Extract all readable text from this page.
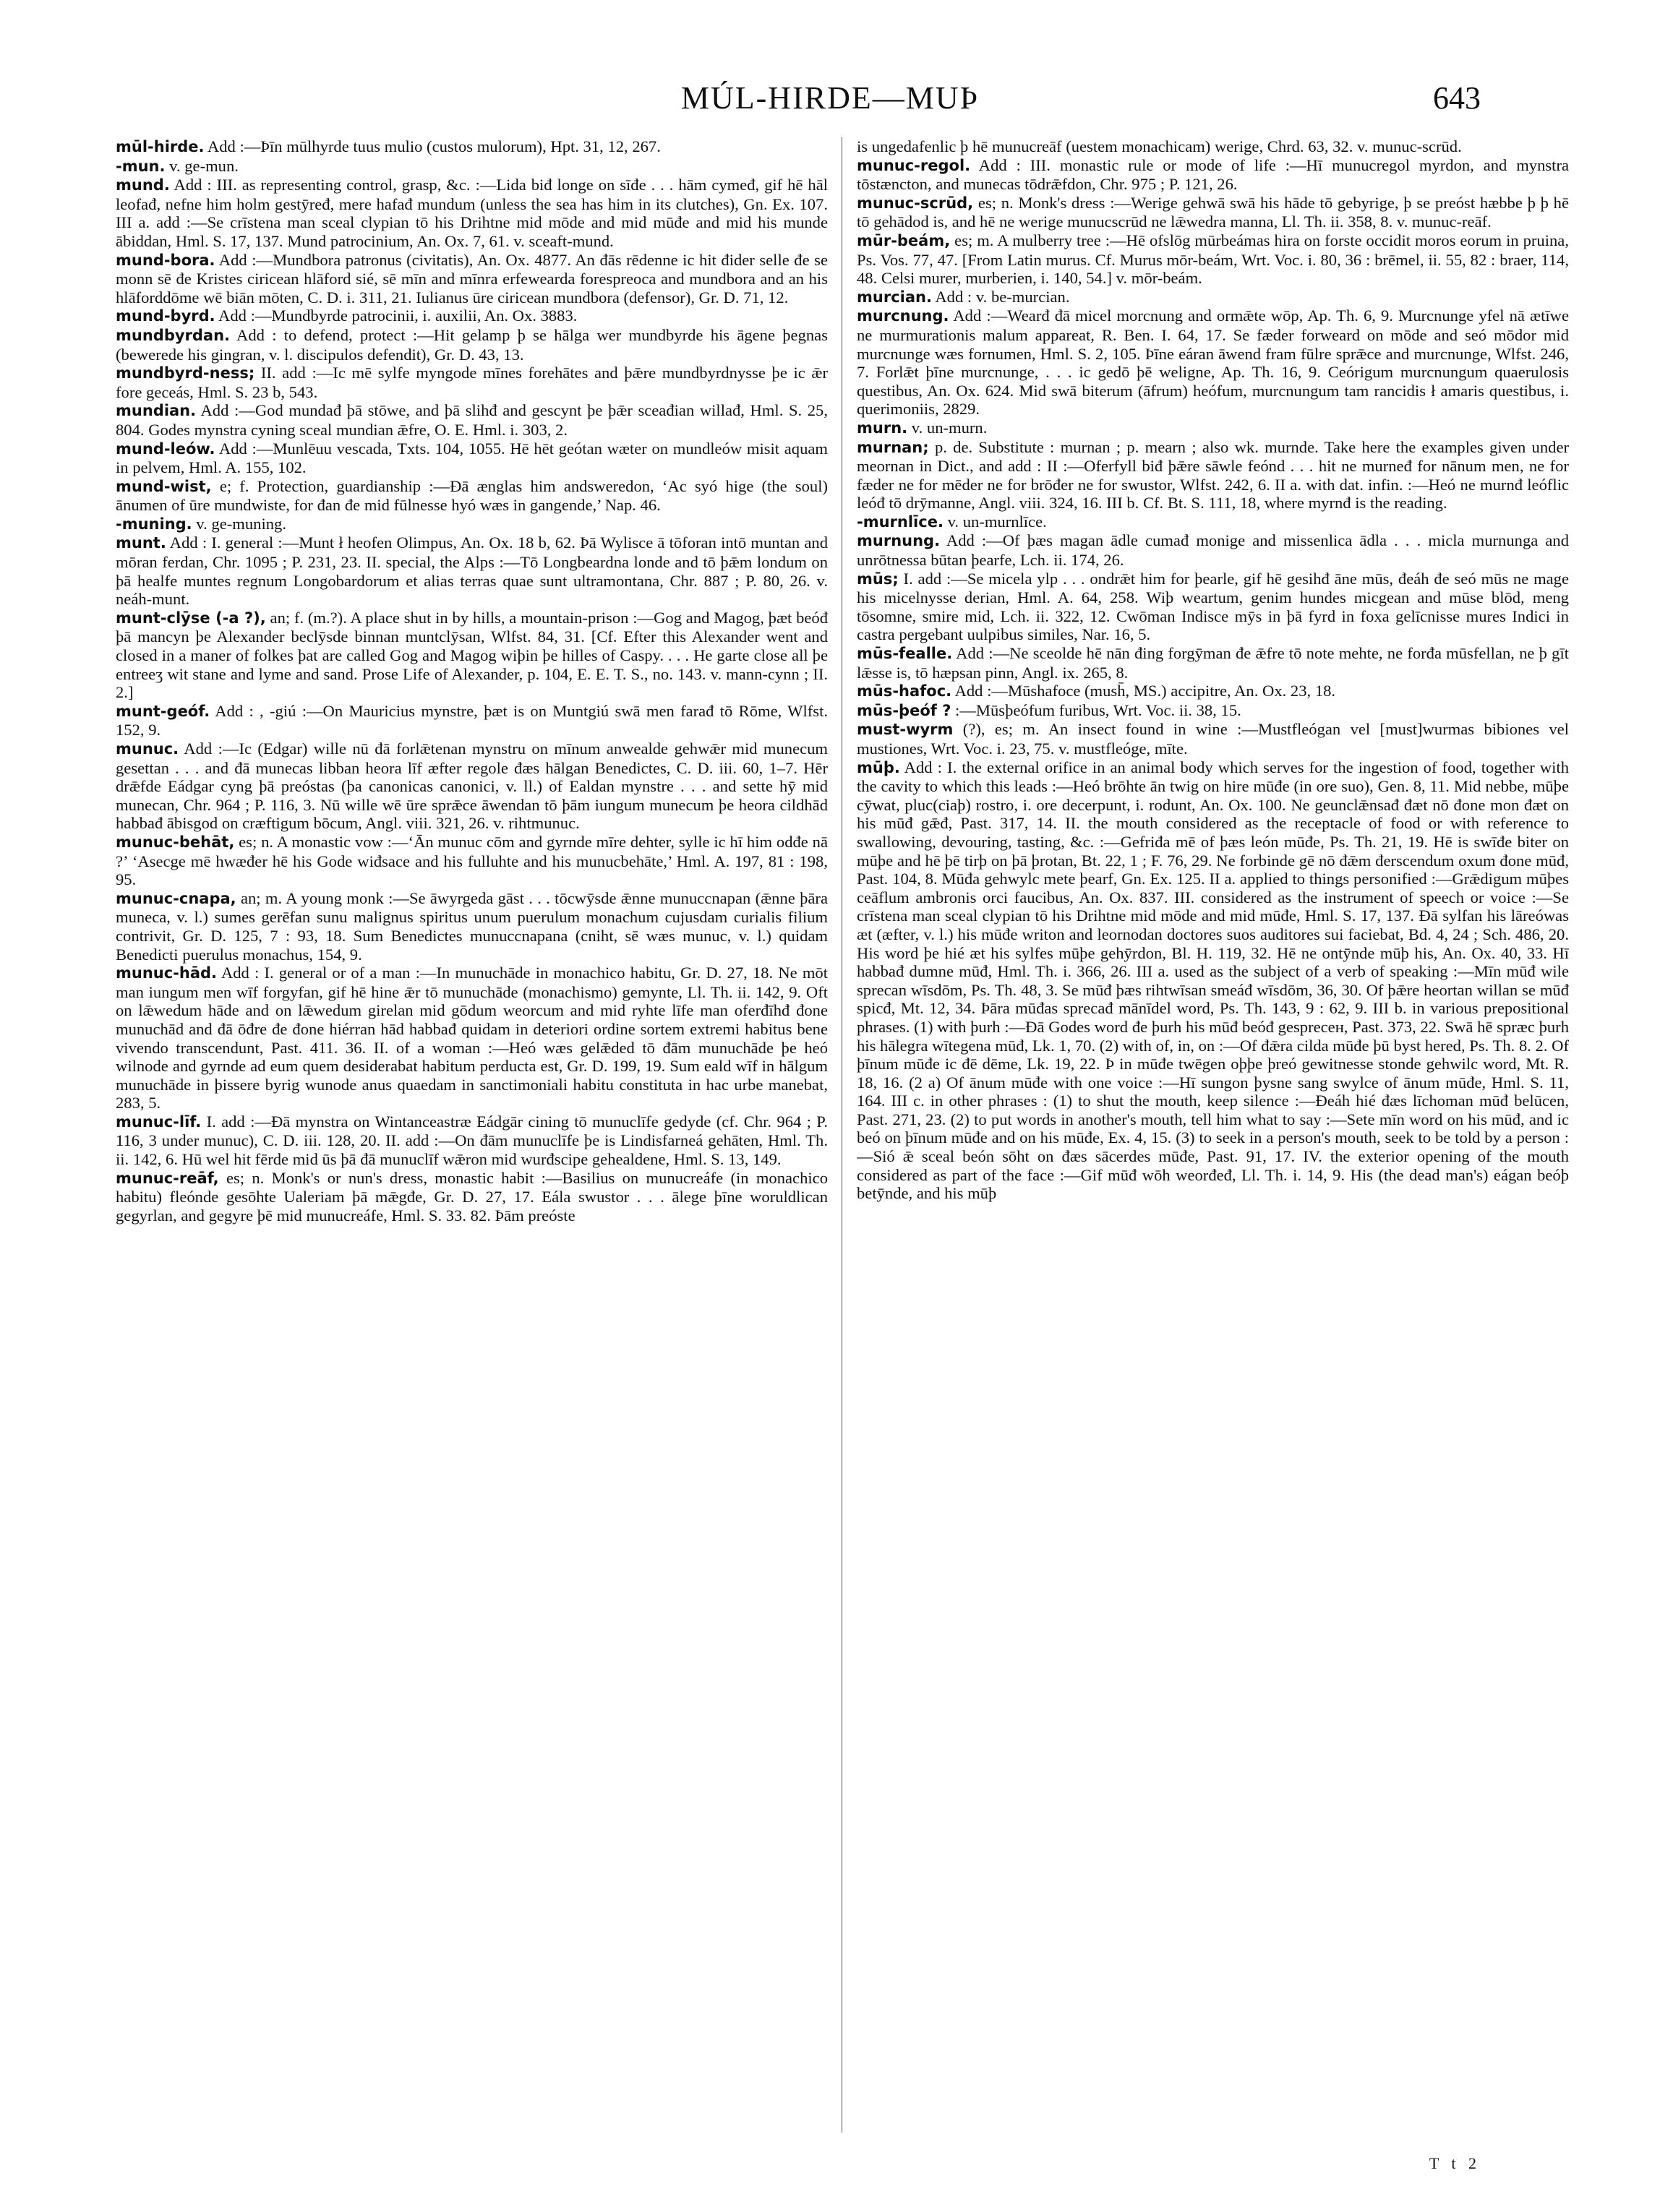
MÚL-HIRDE—MUÞ	643

mūl-hirde. Add :—Þīn mūlhyrde tuus mulio (custos mulorum), Hpt. 31, 12, 267.

-mun. v. ge-mun.

mund. Add : III. as representing control, grasp, &c. :—Lida biđ longe on sīđe . . . hām cymeđ, gif hē hāl leofađ, nefne him holm gestȳređ, mere hafađ mundum (unless the sea has him in its clutches), Gn. Ex. 107. III a. add :—Se crīstena man sceal clypian tō his Drihtne mid mōde and mid mūđe and mid his munde ābiddan, Hml. S. 17, 137. Mund patrocinium, An. Ox. 7, 61. v. sceaft-mund.

mund-bora. Add :—Mundbora patronus (civitatis), An. Ox. 4877. An đās rēdenne ic hit đider selle đe se monn sē đe Kristes ciricean hlāford sié, sē mīn and mīnra erfewearda forespreoca and mundbora and an his hlāforddōme wē biān mōten, C. D. i. 311, 21. Iulianus ūre ciricean mundbora (defensor), Gr. D. 71, 12.

mund-byrd. Add :—Mundbyrde patrocinii, i. auxilii, An. Ox. 3883.

mundbyrdan. Add : to defend, protect :—Hit gelamp þ se hālga wer mundbyrde his āgene þegnas (bewerede his gingran, v. l. discipulos defendit), Gr. D. 43, 13.

mundbyrd-ness; II. add :—Ic mē sylfe myngode mīnes forehātes and þǣre mundbyrdnysse þe ic ǣr fore geceás, Hml. S. 23 b, 543.

mundian. Add :—God mundađ þā stōwe, and þā slihđ and gescynt þe þǣr sceađian willađ, Hml. S. 25, 804. Godes mynstra cyning sceal mundian ǣfre, O. E. Hml. i. 303, 2.

mund-leów. Add :—Munlēuu vescada, Txts. 104, 1055. Hē hēt geótan wæter on mundleów misit aquam in pelvem, Hml. A. 155, 102.

mund-wist, e; f. Protection, guardianship :—Đā ænglas him andsweredon, ‘Ac syó hige (the soul) ānumen of ūre mundwiste, for đan đe mid fūlnesse hyó wæs in gangende,’ Nap. 46.

-muning. v. ge-muning.

munt. Add : I. general :—Munt ł heofen Olimpus, An. Ox. 18 b, 62. Þā Wylisce ā tōforan intō muntan and mōran ferdan, Chr. 1095 ; P. 231, 23. II. special, the Alps :—Tō Longbeardna londe and tō þǣm londum on þā healfe muntes regnum Longobardorum et alias terras quae sunt ultramontana, Chr. 887 ; P. 80, 26. v. neáh-munt.

munt-clȳse (-a ?), an; f. (m.?). A place shut in by hills, a mountain-prison :—Gog and Magog, þæt beóđ þā mancyn þe Alexander beclȳsde binnan muntclȳsan, Wlfst. 84, 31. [Cf. Efter this Alexander went and closed in a maner of folkes þat are called Gog and Magog wiþin þe hilles of Caspy. . . . He garte close all þe entreeʒ wit stane and lyme and sand. Prose Life of Alexander, p. 104, E. E. T. S., no. 143. v. mann-cynn ; II. 2.]

munt-geóf. Add : , -giú :—On Mauricius mynstre, þæt is on Muntgiú swā men farađ tō Rōme, Wlfst. 152, 9.

munuc. Add :—Ic (Edgar) wille nū đā forlǣtenan mynstru on mīnum anwealde gehwǣr mid munecum gesettan . . . and đā munecas libban heora līf æfter regole đæs hālgan Benedictes, C. D. iii. 60, 1–7. Hēr drǣfde Eádgar cyng þā preóstas (þa canonicas canonici, v. ll.) of Ealdan mynstre . . . and sette hȳ mid munecan, Chr. 964 ; P. 116, 3. Nū wille wē ūre sprǣce āwendan tō þām iungum munecum þe heora cildhād habbađ ābisgod on cræftigum bōcum, Angl. viii. 321, 26. v. rihtmunuc.

munuc-behāt, es; n. A monastic vow :—‘Ān munuc cōm and gyrnde mīre dehter, sylle ic hī him odđe nā ?’ ‘Asecge mē hwæđer hē his Gode wiđsace and his fulluhte and his munucbehāte,’ Hml. A. 197, 81 : 198, 95.

munuc-cnapa, an; m. A young monk :—Se āwyrgeda gāst . . . tōcwȳsde ǣnne munuccnapan (ǣnne þāra muneca, v. l.) sumes gerēfan sunu malignus spiritus unum puerulum monachum cujusdam curialis filium contrivit, Gr. D. 125, 7 : 93, 18. Sum Benedictes munuccnapana (cniht, sē wæs munuc, v. l.) quidam Benedicti puerulus monachus, 154, 9.

munuc-hād. Add : I. general or of a man :—In munuchāde in monachico habitu, Gr. D. 27, 18. Ne mōt man iungum men wīf forgyfan, gif hē hine ǣr tō munuchāde (monachismo) gemynte, Ll. Th. ii. 142, 9. Oft on lǣwedum hāde and on lǣwedum girelan mid gōdum weorcum and mid ryhte līfe man oferđīhđ đone munuchād and đā ōđre đe đone hiérran hād habbađ quidam in deteriori ordine sortem extremi habitus bene vivendo transcendunt, Past. 411. 36. II. of a woman :—Heó wæs gelǣded tō đām munuchāde þe heó wilnode and gyrnde ad eum quem desiderabat habitum perducta est, Gr. D. 199, 19. Sum eald wīf in hālgum munuchāde in þissere byrig wunode anus quaedam in sanctimoniali habitu constituta in hac urbe manebat, 283, 5.

munuc-līf. I. add :—Đā mynstra on Wintanceastræ Eádgār cining tō munuclīfe gedyde (cf. Chr. 964 ; P. 116, 3 under munuc), C. D. iii. 128, 20. II. add :—On đām munuclīfe þe is Lindisfarneá gehāten, Hml. Th. ii. 142, 6. Hū wel hit fērde mid ūs þā đā munuclīf wǣron mid wurđscipe gehealdene, Hml. S. 13, 149.

munuc-reāf, es; n. Monk's or nun's dress, monastic habit :—Basilius on munucreáfe (in monachico habitu) fleónde gesōhte Ualeriam þā mǣgđe, Gr. D. 27, 17. Eála swustor . . . ālege þīne woruldlican gegyrlan, and gegyre þē mid munucreáfe, Hml. S. 33. 82. Þām preóste

is ungedafenlic þ hē munucreāf (uestem monachicam) werige, Chrd. 63, 32. v. munuc-scrūd.

munuc-regol. Add : III. monastic rule or mode of life :—Hī munucregol myrdon, and mynstra tōstæncton, and munecas tōdrǣfdon, Chr. 975 ; P. 121, 26.

munuc-scrūd, es; n. Monk's dress :—Werige gehwā swā his hāde tō gebyrige, þ se preóst hæbbe þ þ hē tō gehādod is, and hē ne werige munucscrūd ne lǣwedra manna, Ll. Th. ii. 358, 8. v. munuc-reāf.

mūr-beám, es; m. A mulberry tree :—Hē ofslōg mūrbeámas hira on forste occidit moros eorum in pruina, Ps. Vos. 77, 47. [From Latin murus. Cf. Murus mōr-beám, Wrt. Voc. i. 80, 36 : brēmel, ii. 55, 82 : braer, 114, 48. Celsi murer, murberien, i. 140, 54.] v. mōr-beám.

murcian. Add : v. be-murcian.

murcnung. Add :—Wearđ đā micel morcnung and ormǣte wōp, Ap. Th. 6, 9. Murcnunge yfel nā ætīwe ne murmurationis malum appareat, R. Ben. I. 64, 17. Se fæder forweard on mōde and seó mōdor mid murcnunge wæs fornumen, Hml. S. 2, 105. Þīne eáran āwend fram fūlre sprǣce and murcnunge, Wlfst. 246, 7. Forlǣt þīne murcnunge, . . . ic gedō þē weligne, Ap. Th. 16, 9. Ceórigum murcnungum quaerulosis questibus, An. Ox. 624. Mid swā biterum (āfrum) heófum, murcnungum tam rancidis ł amaris questibus, i. querimoniis, 2829.

murn. v. un-murn.

murnan; p. de. Substitute : murnan ; p. mearn ; also wk. murnde. Take here the examples given under meornan in Dict., and add : II :—Oferfyll biđ þǣre sāwle feónd . . . hit ne murneđ for nānum men, ne for fæder ne for mēder ne for brōđer ne for swustor, Wlfst. 242, 6. II a. with dat. infin. :—Heó ne murnđ leóflic leóđ tō drȳmanne, Angl. viii. 324, 16. III b. Cf. Bt. S. 111, 18, where myrnđ is the reading.

-murnlīce. v. un-murnlīce.

murnung. Add :—Of þæs magan ādle cumađ monige and missenlica ādla . . . micla murnunga and unrōtnessa būtan þearfe, Lch. ii. 174, 26.

mūs; I. add :—Se micela ylp . . . ondrǣt him for þearle, gif hē gesihđ āne mūs, đeáh đe seó mūs ne mage his micelnysse derian, Hml. A. 64, 258. Wiþ weartum, genim hundes micgean and mūse blōd, meng tōsomne, smire mid, Lch. ii. 322, 12. Cwōman Indisce mȳs in þā fyrd in foxa gelīcnisse mures Indici in castra pergebant uulpibus similes, Nar. 16, 5.

mūs-fealle. Add :—Ne sceolde hē nān đing forgȳman đe ǣfre tō note mehte, ne forđa mūsfellan, ne þ gīt lǣsse is, tō hæpsan pinn, Angl. ix. 265, 8.

mūs-hafoc. Add :—Mūshafoce (mush̄, MS.) accipitre, An. Ox. 23, 18.

mūs-þeóf ? :—Mūsþeófum furibus, Wrt. Voc. ii. 38, 15.

must-wyrm (?), es; m. An insect found in wine :—Mustfleógan vel [must]wurmas bibiones vel mustiones, Wrt. Voc. i. 23, 75. v. mustfleóge, mīte.

mūþ. Add : I. the external orifice in an animal body which serves for the ingestion of food, together with the cavity to which this leads :—Heó brōhte ān twig on hire mūđe (in ore suo), Gen. 8, 11. Mid nebbe, mūþe cȳwat, pluc(ciaþ) rostro, i. ore decerpunt, i. rodunt, An. Ox. 100. Ne geunclǣnsađ đæt nō đone mon đæt on his mūđ gǣđ, Past. 317, 14. II. the mouth considered as the receptacle of food or with reference to swallowing, devouring, tasting, &c. :—Gefriđa mē of þæs león mūđe, Ps. Th. 21, 19. Hē is swīđe biter on mūþe and hē þē tirþ on þā þrotan, Bt. 22, 1 ; F. 76, 29. Ne forbinde gē nō đǣm đerscendum oxum đone mūđ, Past. 104, 8. Mūđa gehwylc mete þearf, Gn. Ex. 125. II a. applied to things personified :—Grǣdigum mūþes ceāflum ambronis orci faucibus, An. Ox. 837. III. considered as the instrument of speech or voice :—Se crīstena man sceal clypian tō his Drihtne mid mōde and mid mūđe, Hml. S. 17, 137. Đā sylfan his lāreówas æt (æfter, v. l.) his mūđe writon and leornodan doctores suos auditores sui faciebat, Bd. 4, 24 ; Sch. 486, 20. His word þe hié æt his sylfes mūþe gehȳrdon, Bl. H. 119, 32. Hē ne ontȳnde mūþ his, An. Ox. 40, 33. Hī habbađ dumne mūđ, Hml. Th. i. 366, 26. III a. used as the subject of a verb of speaking :—Mīn mūđ wile sprecan wīsdōm, Ps. Th. 48, 3. Se mūđ þæs rihtwīsan smeáđ wīsdōm, 36, 30. Of þǣre heortan willan se mūđ spicđ, Mt. 12, 34. Þāra mūđas sprecađ mānīdel word, Ps. Th. 143, 9 : 62, 9. III b. in various prepositional phrases. (1) with þurh :—Đā Godes word đe þurh his mūđ beóđ gespreceн, Past. 373, 22. Swā hē spræc þurh his hālegra wītegena mūđ, Lk. 1, 70. (2) with of, in, on :—Of đǣra cilda mūđe þū byst hered, Ps. Th. 8. 2. Of þīnum mūđe ic đē dēme, Lk. 19, 22. Þ in mūđe twēgen oþþe þreó gewitnesse stonde gehwilc word, Mt. R. 18, 16. (2 a) Of ānum mūđe with one voice :—Hī sungon þysne sang swylce of ānum mūđe, Hml. S. 11, 164. III c. in other phrases : (1) to shut the mouth, keep silence :—Đeáh hié đæs līchoman mūđ belūcen, Past. 271, 23. (2) to put words in another's mouth, tell him what to say :—Sete mīn word on his mūđ, and ic beó on þīnum mūđe and on his mūđe, Ex. 4, 15. (3) to seek in a person's mouth, seek to be told by a person :—Sió ǣ sceal beón sōht on đæs sācerdes mūđe, Past. 91, 17. IV. the exterior opening of the mouth considered as part of the face :—Gif mūđ wōh weorđeđ, Ll. Th. i. 14, 9. His (the dead man's) eágan beóþ betȳnde, and his mūþ

T t 2
